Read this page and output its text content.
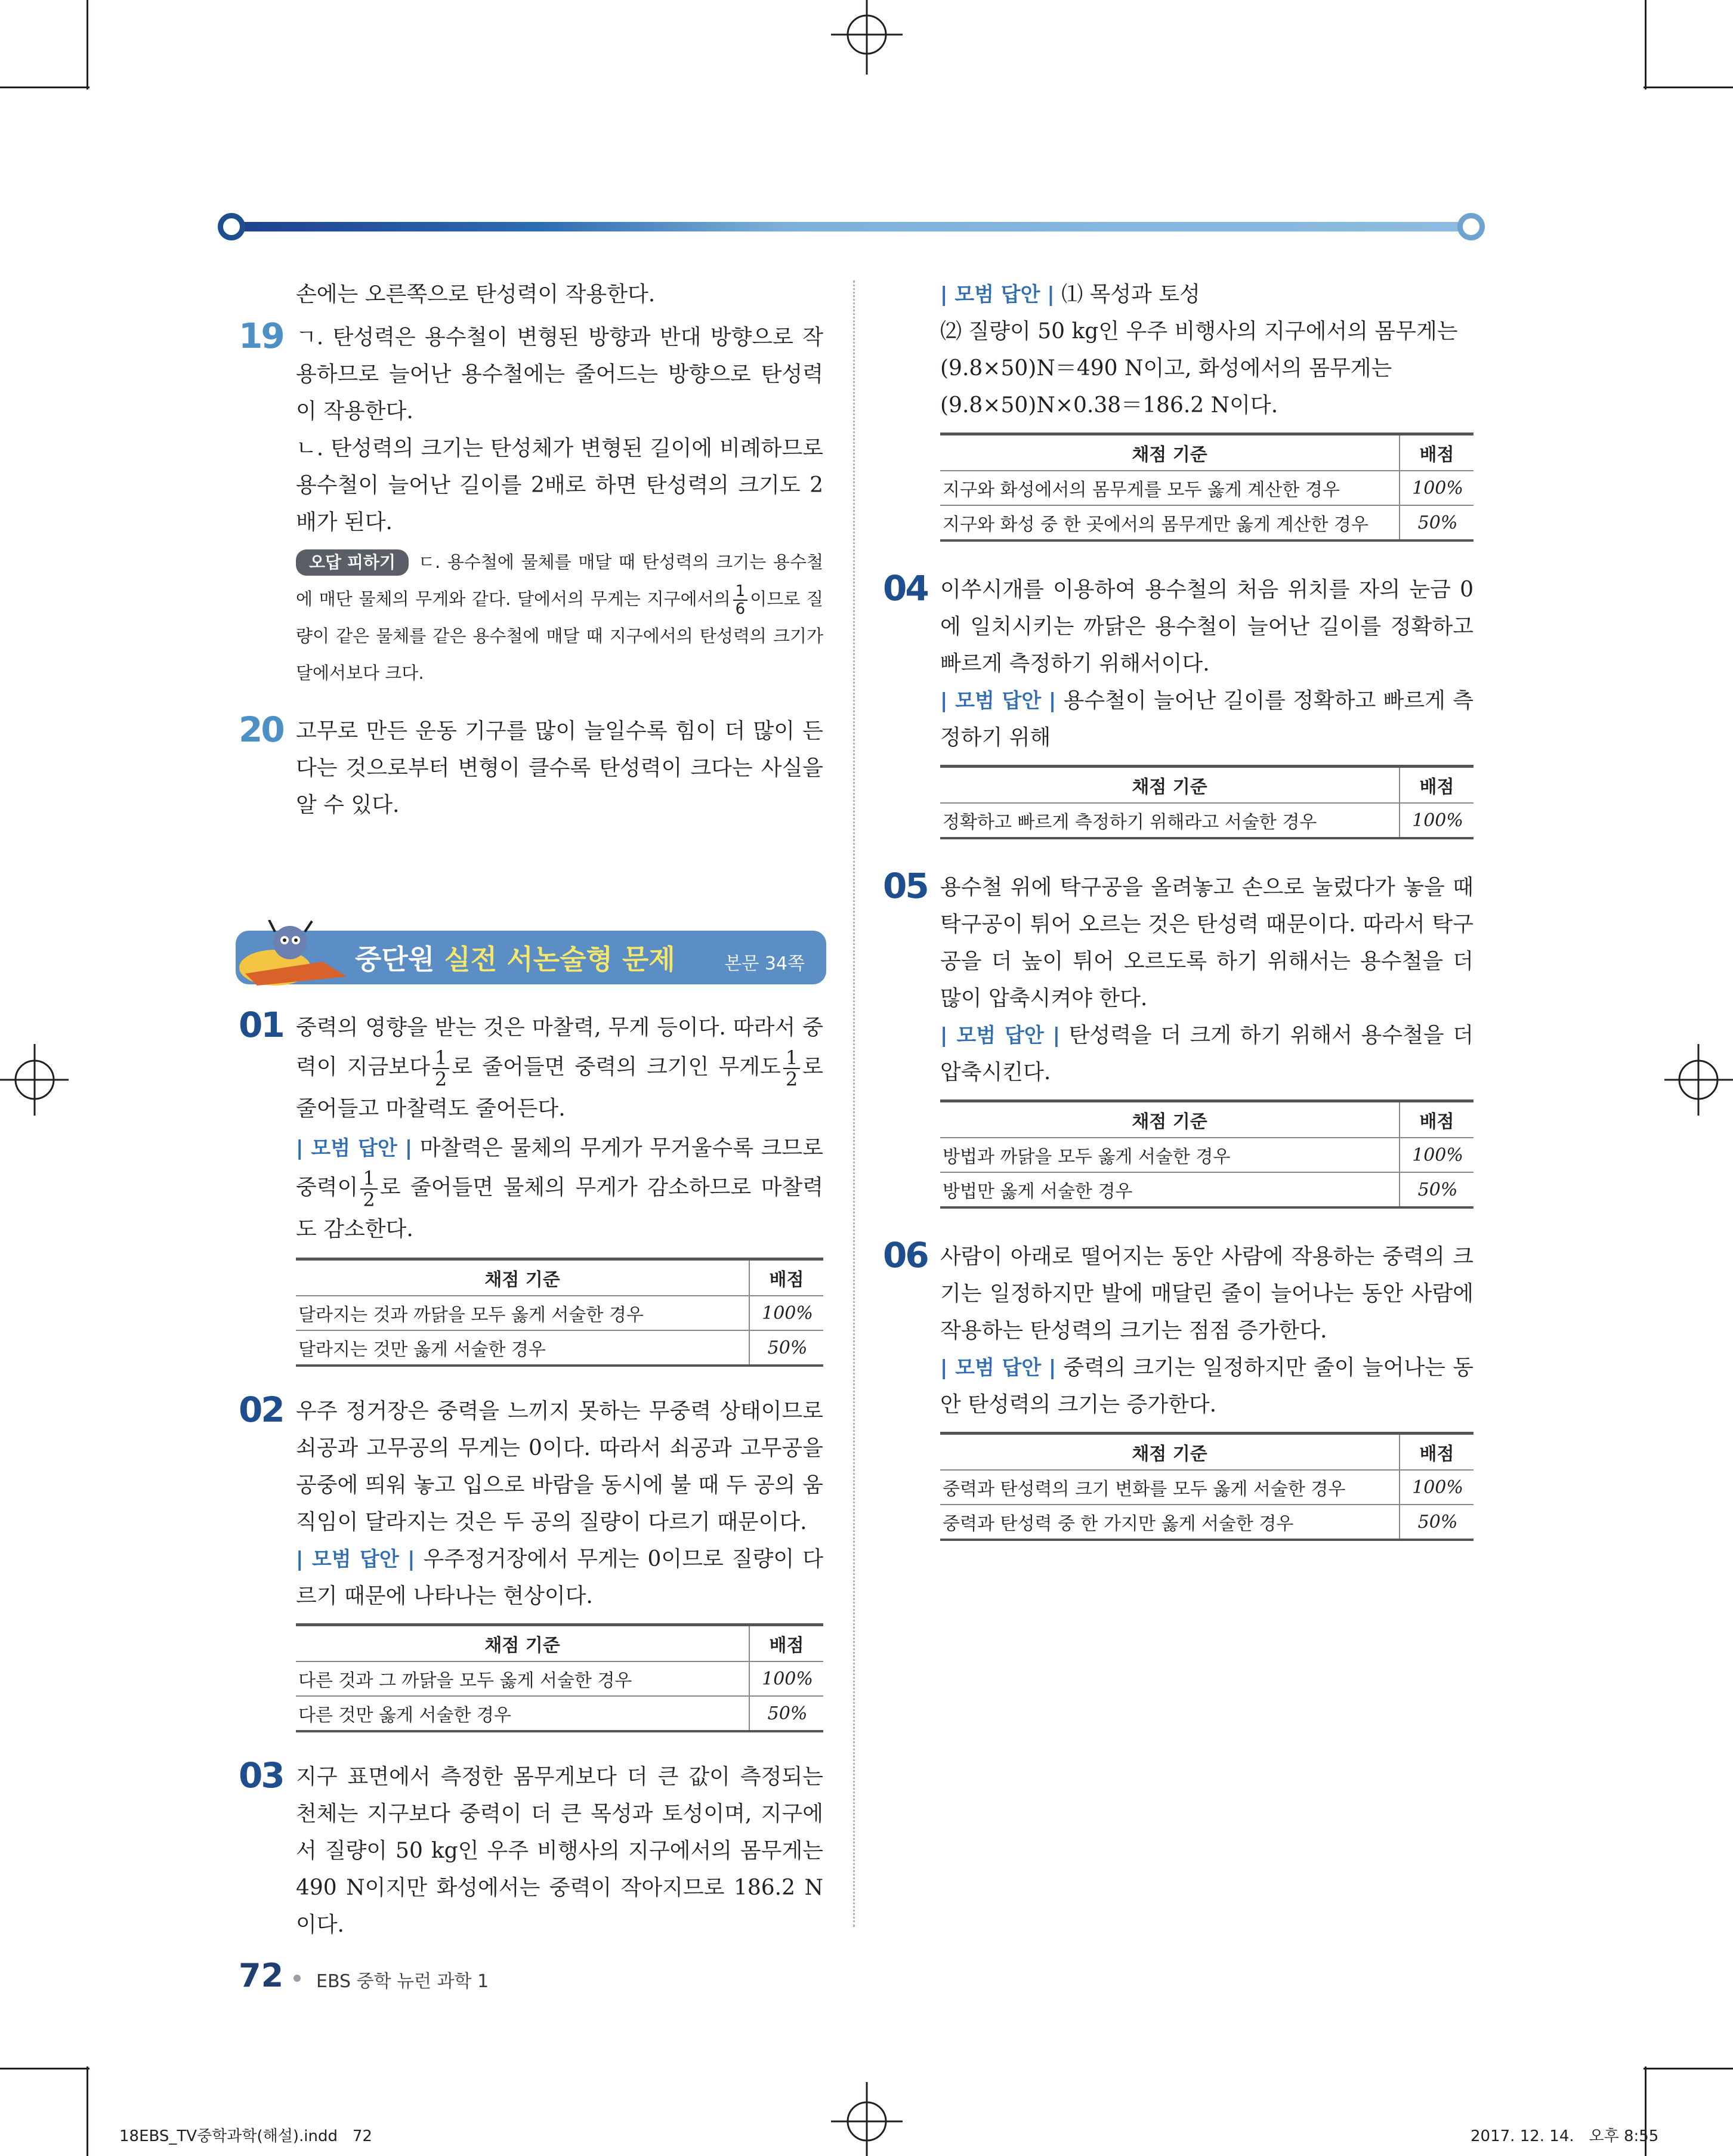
손에는 오른쪽으로 탄성력이 작용한다.

19 ㄱ. 탄성력은 용수철이 변형된 방향과 반대 방향으로 작용하므로 늘어난 용수철에는 줄어드는 방향으로 탄성력이 작용한다.

ㄴ. 탄성력의 크기는 탄성체가 변형된 길이에 비례하므로 용수철이 늘어난 길이를 2배로 하면 탄성력의 크기도 2배가 된다.

오답 피하기 ㄷ. 용수철에 물체를 매달 때 탄성력의 크기는 용수철에 매단 물체의 무게와 같다. 달에서의 무게는 지구에서의 $\frac{1}{6}$ 이므로 질량이 같은 물체를 같은 용수철에 매달 때 지구에서의 탄성력의 크기가 달에서보다 크다.

20 고무로 만든 운동 기구를 많이 늘일수록 힘이 더 많이 든다는 것으로부터 변형이 클수록 탄성력이 크다는 사실을 알 수 있다.

중단원 실전 서논술형 문제	본문 34쪽
01 중력의 영향을 받는 것은 마찰력, 무게 등이다. 따라서 중력이 지금보다 $\frac{1}{2}$ 로 줄어들면 중력의 크기인 무게도 $\frac{1}{2}$ 로 줄어들고 마찰력도 줄어든다.

| 모범 답안 | 마찰력은 물체의 무게가 무거울수록 크므로 중력이 $\frac{1}{2}$ 로 줄어들면 물체의 무게가 감소하므로 마찰력도 감소한다.

채점 기준	배점
달라지는 것과 까닭을 모두 옳게 서술한 경우	100%
달라지는 것만 옳게 서술한 경우	50%
02 우주 정거장은 중력을 느끼지 못하는 무중력 상태이므로 쇠공과 고무공의 무게는 0이다. 따라서 쇠공과 고무공을 공중에 띄워 놓고 입으로 바람을 동시에 불 때 두 공의 움직임이 달라지는 것은 두 공의 질량이 다르기 때문이다.

| 모범 답안 | 우주정거장에서 무게는 0이므로 질량이 다르기 때문에 나타나는 현상이다.

채점 기준	배점
다른 것과 그 까닭을 모두 옳게 서술한 경우	100%
다른 것만 옳게 서술한 경우	50%
03 지구 표면에서 측정한 몸무게보다 더 큰 값이 측정되는 천체는 지구보다 중력이 더 큰 목성과 토성이며, 지구에서 질량이 50 kg인 우주 비행사의 지구에서의 몸무게는 490 N이지만 화성에서는 중력이 작아지므로 186.2 N이다.

| 모범 답안 | ⑴ 목성과 토성

⑵ 질량이 50 kg인 우주 비행사의 지구에서의 몸무게는

(9.8×50)N＝490 N이고, 화성에서의 몸무게는

(9.8×50)N×0.38＝186.2 N이다.

채점 기준	배점
지구와 화성에서의 몸무게를 모두 옳게 계산한 경우	100%
지구와 화성 중 한 곳에서의 몸무게만 옳게 계산한 경우	50%
04 이쑤시개를 이용하여 용수철의 처음 위치를 자의 눈금 0에 일치시키는 까닭은 용수철이 늘어난 길이를 정확하고 빠르게 측정하기 위해서이다.

| 모범 답안 | 용수철이 늘어난 길이를 정확하고 빠르게 측정하기 위해

채점 기준	배점
정확하고 빠르게 측정하기 위해라고 서술한 경우	100%
05 용수철 위에 탁구공을 올려놓고 손으로 눌렀다가 놓을 때 탁구공이 튀어 오르는 것은 탄성력 때문이다. 따라서 탁구공을 더 높이 튀어 오르도록 하기 위해서는 용수철을 더 많이 압축시켜야 한다.

| 모범 답안 | 탄성력을 더 크게 하기 위해서 용수철을 더 압축시킨다.

채점 기준	배점
방법과 까닭을 모두 옳게 서술한 경우	100%
방법만 옳게 서술한 경우	50%
06 사람이 아래로 떨어지는 동안 사람에 작용하는 중력의 크기는 일정하지만 발에 매달린 줄이 늘어나는 동안 사람에 작용하는 탄성력의 크기는 점점 증가한다.

| 모범 답안 | 중력의 크기는 일정하지만 줄이 늘어나는 동안 탄성력의 크기는 증가한다.

채점 기준	배점
중력과 탄성력의 크기 변화를 모두 옳게 서술한 경우	100%
중력과 탄성력 중 한 가지만 옳게 서술한 경우	50%
72 EBS 중학 뉴런 과학 1
18EBS_TV중학과학(해설).indd   72	2017. 12. 14.   오후 8:55
